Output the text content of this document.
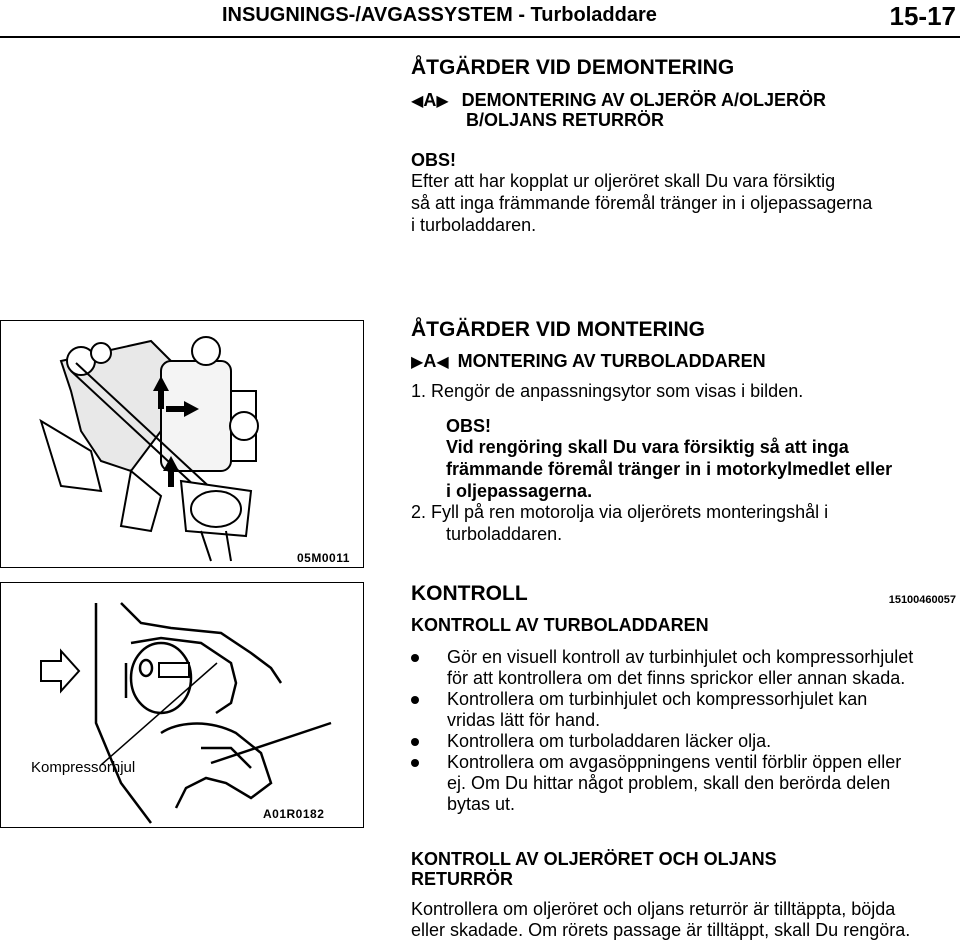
INSUGNINGS-/AVGASSYSTEM - Turboladdare	15-17
ÅTGÄRDER VID DEMONTERING
◀A▶ DEMONTERING AV OLJERÖR A/OLJERÖR
B/OLJANS RETURRÖR
OBS!
Efter att har kopplat ur oljeröret skall Du vara försiktig
så att inga främmande föremål tränger in i oljepassagerna
i turboladdaren.
05M0011
ÅTGÄRDER VID MONTERING
▶A◀ MONTERING AV TURBOLADDAREN
1. Rengör de anpassningsytor som visas i bilden.
OBS!
Vid rengöring skall Du vara försiktig så att inga
främmande föremål tränger in i motorkylmedlet eller
i oljepassagerna.
2. Fyll på ren motorolja via oljerörets monteringshål i
turboladdaren.
Kompressorhjul
A01R0182
KONTROLL	15100460057
KONTROLL AV TURBOLADDAREN
Gör en visuell kontroll av turbinhjulet och kompressorhjulet
för att kontrollera om det finns sprickor eller annan skada.
Kontrollera om turbinhjulet och kompressorhjulet kan
vridas lätt för hand.
Kontrollera om turboladdaren läcker olja.
Kontrollera om avgasöppningens ventil förblir öppen eller
ej. Om Du hittar något problem, skall den berörda delen
bytas ut.
KONTROLL AV OLJERÖRET OCH OLJANS
RETURRÖR
Kontrollera om oljeröret och oljans returrör är tilltäppta, böjda
eller skadade. Om rörets passage är tilltäppt, skall Du rengöra.
